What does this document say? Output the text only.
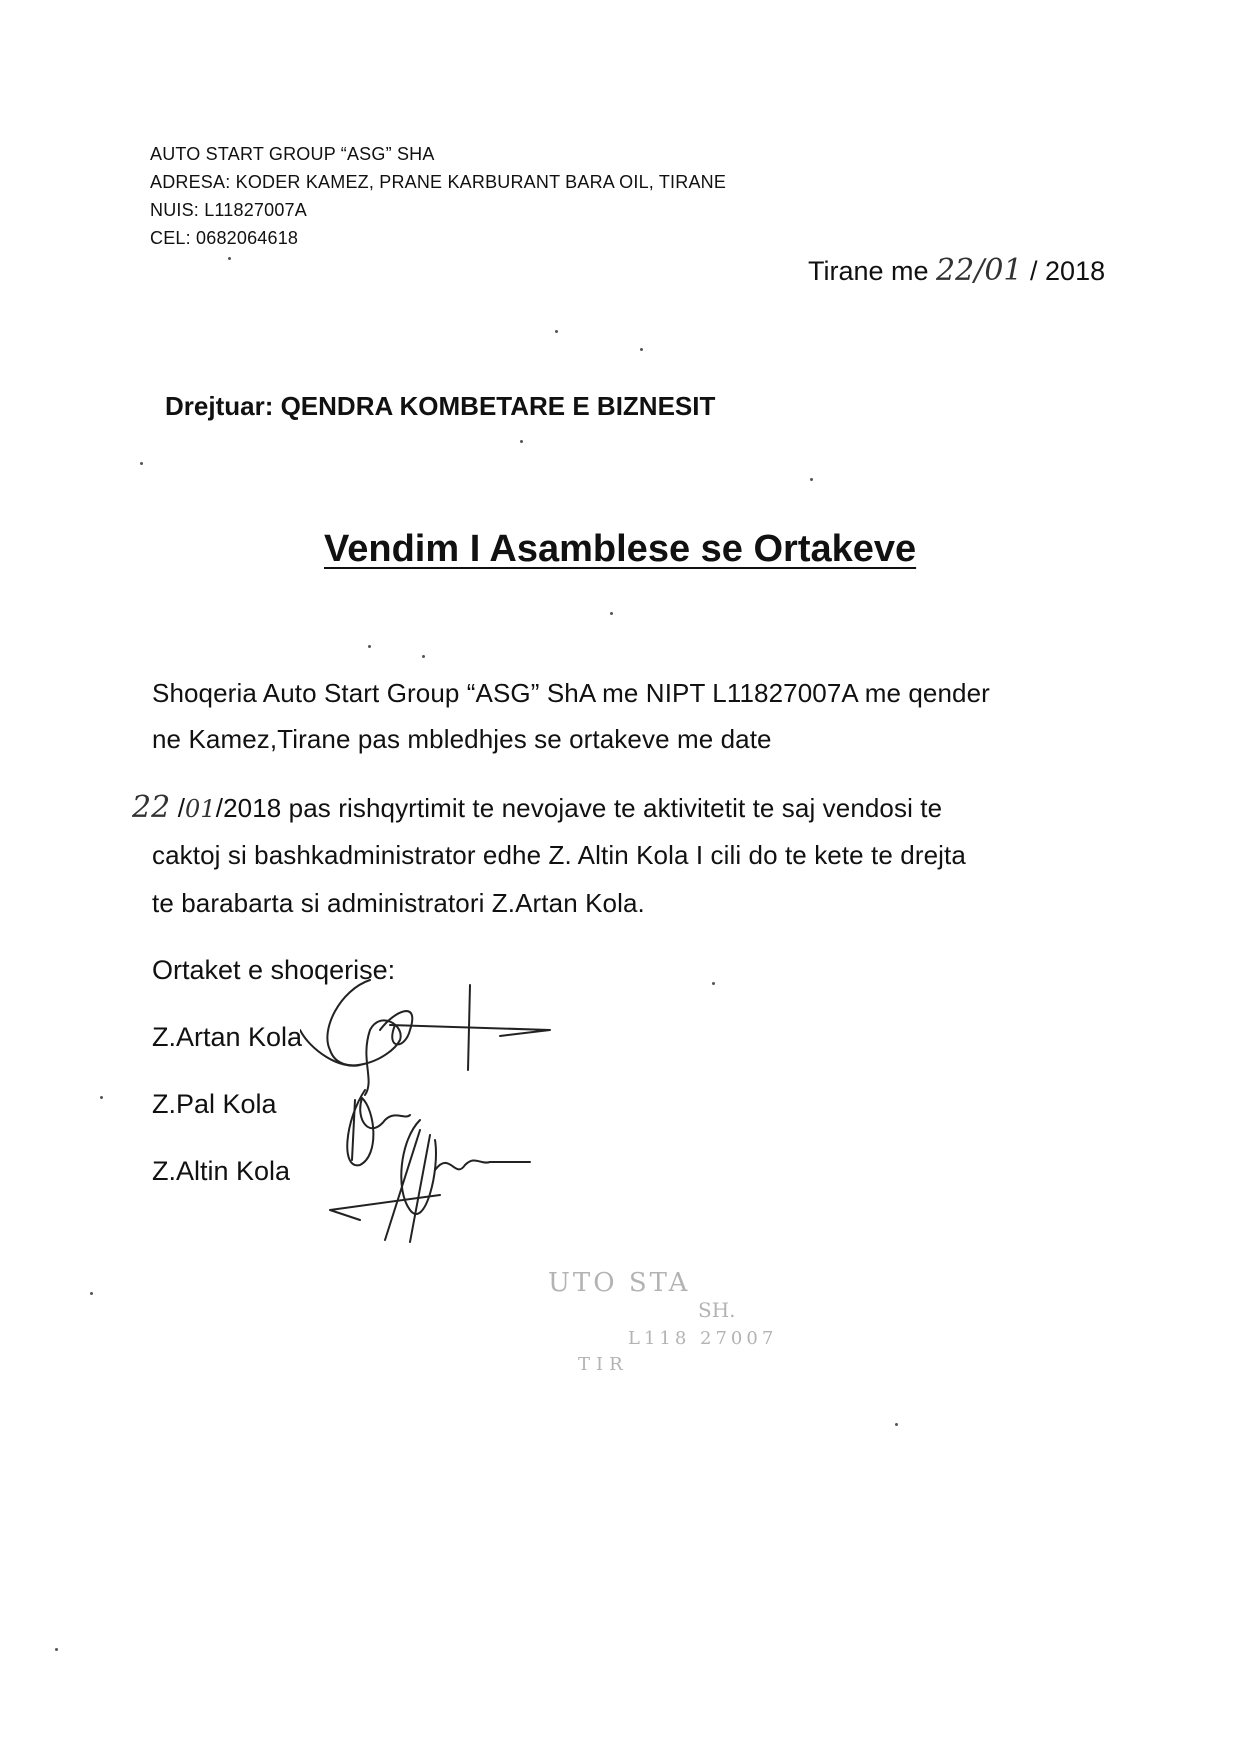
AUTO START GROUP “ASG” SHA
ADRESA: KODER KAMEZ, PRANE KARBURANT BARA OIL, TIRANE
NUIS: L11827007A
CEL: 0682064618
Tirane me 22/01 / 2018
Drejtuar: QENDRA KOMBETARE E BIZNESIT
Vendim I Asamblese se Ortakeve
Shoqeria Auto Start Group “ASG” ShA me NIPT L11827007A me qender
ne Kamez,Tirane pas mbledhjes se ortakeve me date
22 /01/2018 pas rishqyrtimit te nevojave te aktivitetit te saj vendosi te
caktoj si bashkadministrator edhe Z. Altin Kola I cili do te kete te drejta
te barabarta si administratori Z.Artan Kola.
Ortaket e shoqerise:
Z.Artan Kola
Z.Pal Kola
Z.Altin Kola
UTO STA
SH.
L118 27007
TIR
